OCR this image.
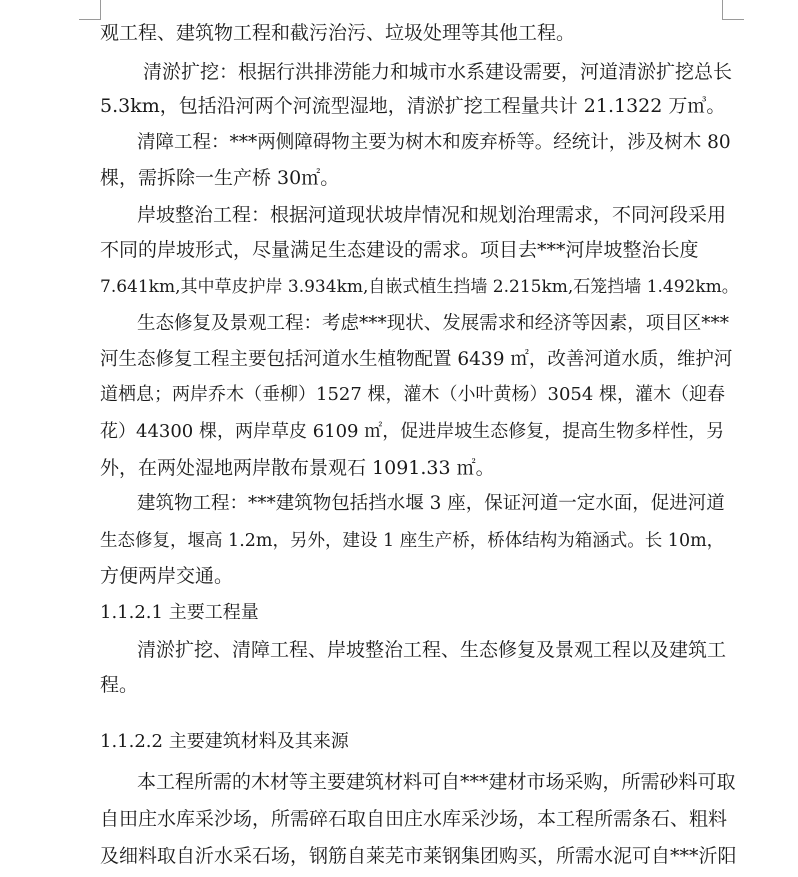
观工程、建筑物工程和截污治污、垃圾处理等其他工程。
清淤扩挖：根据行洪排涝能力和城市水系建设需要，河道清淤扩挖总长
5.3km，包括沿河两个河流型湿地，清淤扩挖工程量共计 21.1322 万㎥。
清障工程：***两侧障碍物主要为树木和废弃桥等。经统计，涉及树木 80
棵，需拆除一生产桥 30㎡。
岸坡整治工程：根据河道现状坡岸情况和规划治理需求，不同河段采用
不同的岸坡形式，尽量满足生态建设的需求。项目去***河岸坡整治长度
7.641km,其中草皮护岸 3.934km,自嵌式植生挡墙 2.215km,石笼挡墙 1.492km。
生态修复及景观工程：考虑***现状、发展需求和经济等因素，项目区***
河生态修复工程主要包括河道水生植物配置 6439 ㎡，改善河道水质，维护河
道栖息；两岸乔木（垂柳）1527 棵，灌木（小叶黄杨）3054 棵，灌木（迎春
花）44300 棵，两岸草皮 6109 ㎡，促进岸坡生态修复，提高生物多样性，另
外，在两处湿地两岸散布景观石 1091.33 ㎡。
建筑物工程：***建筑物包括挡水堰 3 座，保证河道一定水面，促进河道
生态修复，堰高 1.2m，另外，建设 1 座生产桥，桥体结构为箱涵式。长 10m，
方便两岸交通。
1.1.2.1 主要工程量
清淤扩挖、清障工程、岸坡整治工程、生态修复及景观工程以及建筑工
程。
1.1.2.2 主要建筑材料及其来源
本工程所需的木材等主要建筑材料可自***建材市场采购，所需砂料可取
自田庄水库采沙场，所需碎石取自田庄水库采沙场，本工程所需条石、粗料
及细料取自沂水采石场，钢筋自莱芜市莱钢集团购买，所需水泥可自***沂阳
